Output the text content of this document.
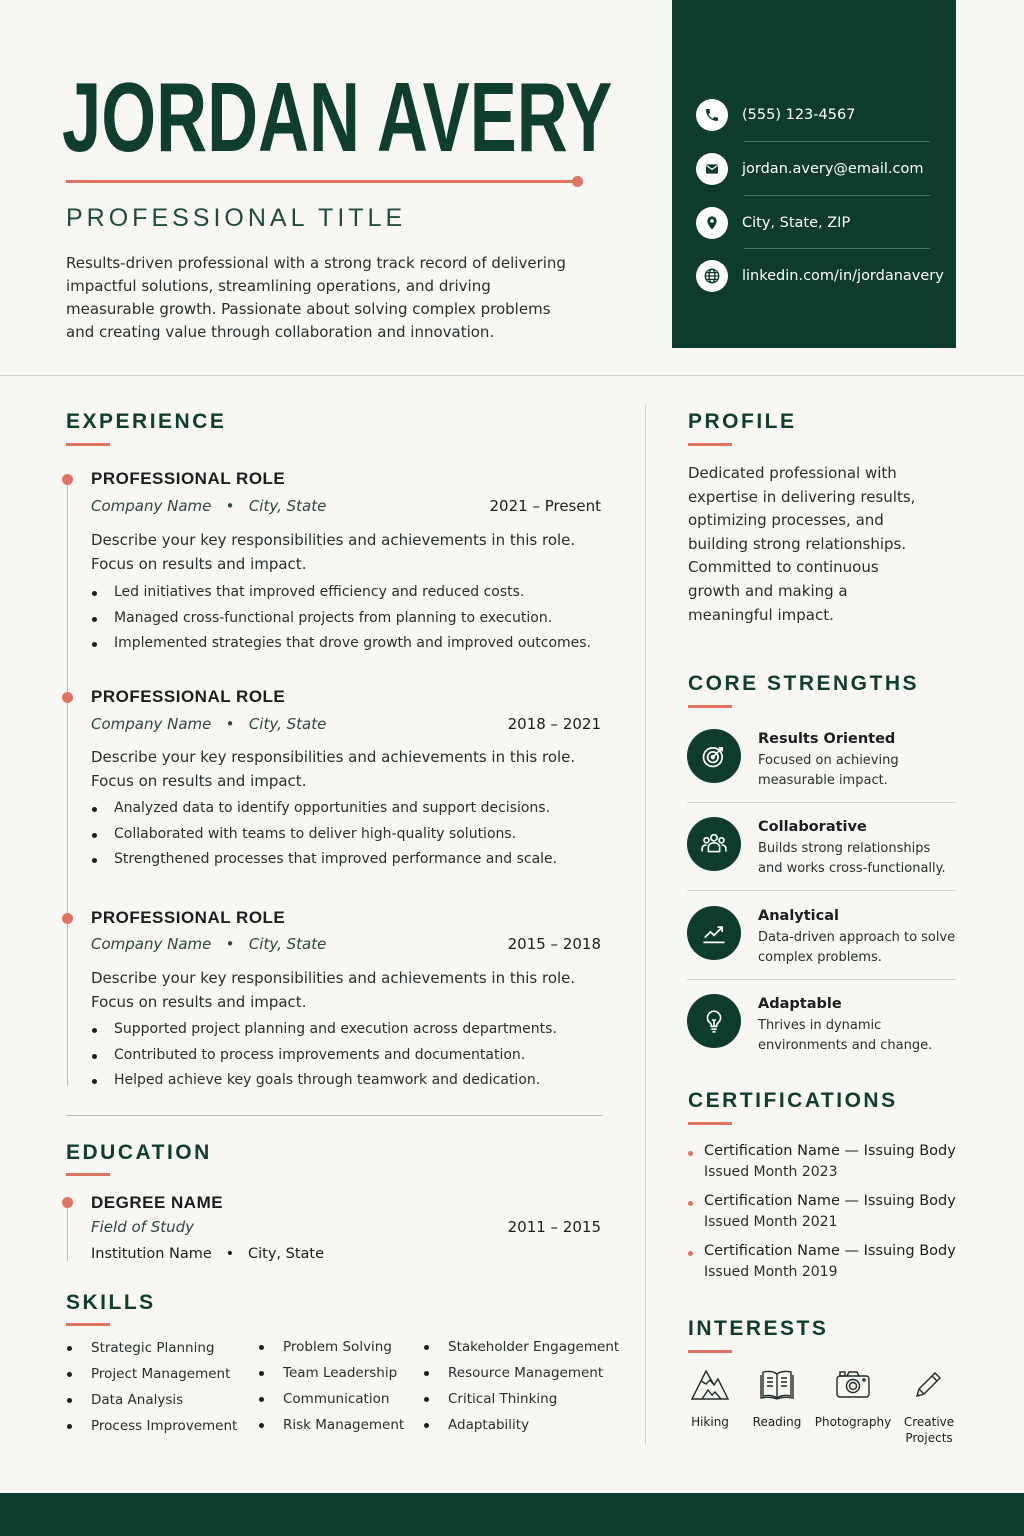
JORDAN AVERY
PROFESSIONAL TITLE
Results-driven professional with a strong track record of delivering impactful solutions, streamlining operations, and driving measurable growth. Passionate about solving complex problems and creating value through collaboration and innovation.
(555) 123-4567
jordan.avery@email.com
City, State, ZIP
linkedin.com/in/jordanavery
EXPERIENCE
PROFESSIONAL ROLE
Company Name   •   City, State	2021 – Present
Describe your key responsibilities and achievements in this role. Focus on results and impact.
Led initiatives that improved efficiency and reduced costs.
Managed cross-functional projects from planning to execution.
Implemented strategies that drove growth and improved outcomes.
PROFESSIONAL ROLE
Company Name   •   City, State	2018 – 2021
Describe your key responsibilities and achievements in this role. Focus on results and impact.
Analyzed data to identify opportunities and support decisions.
Collaborated with teams to deliver high-quality solutions.
Strengthened processes that improved performance and scale.
PROFESSIONAL ROLE
Company Name   •   City, State	2015 – 2018
Describe your key responsibilities and achievements in this role. Focus on results and impact.
Supported project planning and execution across departments.
Contributed to process improvements and documentation.
Helped achieve key goals through teamwork and dedication.
EDUCATION
DEGREE NAME
Field of Study	2011 – 2015
Institution Name   •   City, State
SKILLS
Strategic Planning
Project Management
Data Analysis
Process Improvement
Problem Solving
Team Leadership
Communication
Risk Management
Stakeholder Engagement
Resource Management
Critical Thinking
Adaptability
PROFILE
Dedicated professional with expertise in delivering results, optimizing processes, and building strong relationships. Committed to continuous growth and making a meaningful impact.
CORE STRENGTHS
Results Oriented
Focused on achieving measurable impact.
Collaborative
Builds strong relationships and works cross-functionally.
Analytical
Data-driven approach to solve complex problems.
Adaptable
Thrives in dynamic environments and change.
CERTIFICATIONS
Certification Name — Issuing Body
Issued Month 2023
Certification Name — Issuing Body
Issued Month 2021
Certification Name — Issuing Body
Issued Month 2019
INTERESTS
Hiking	Reading	Photography	Creative Projects
